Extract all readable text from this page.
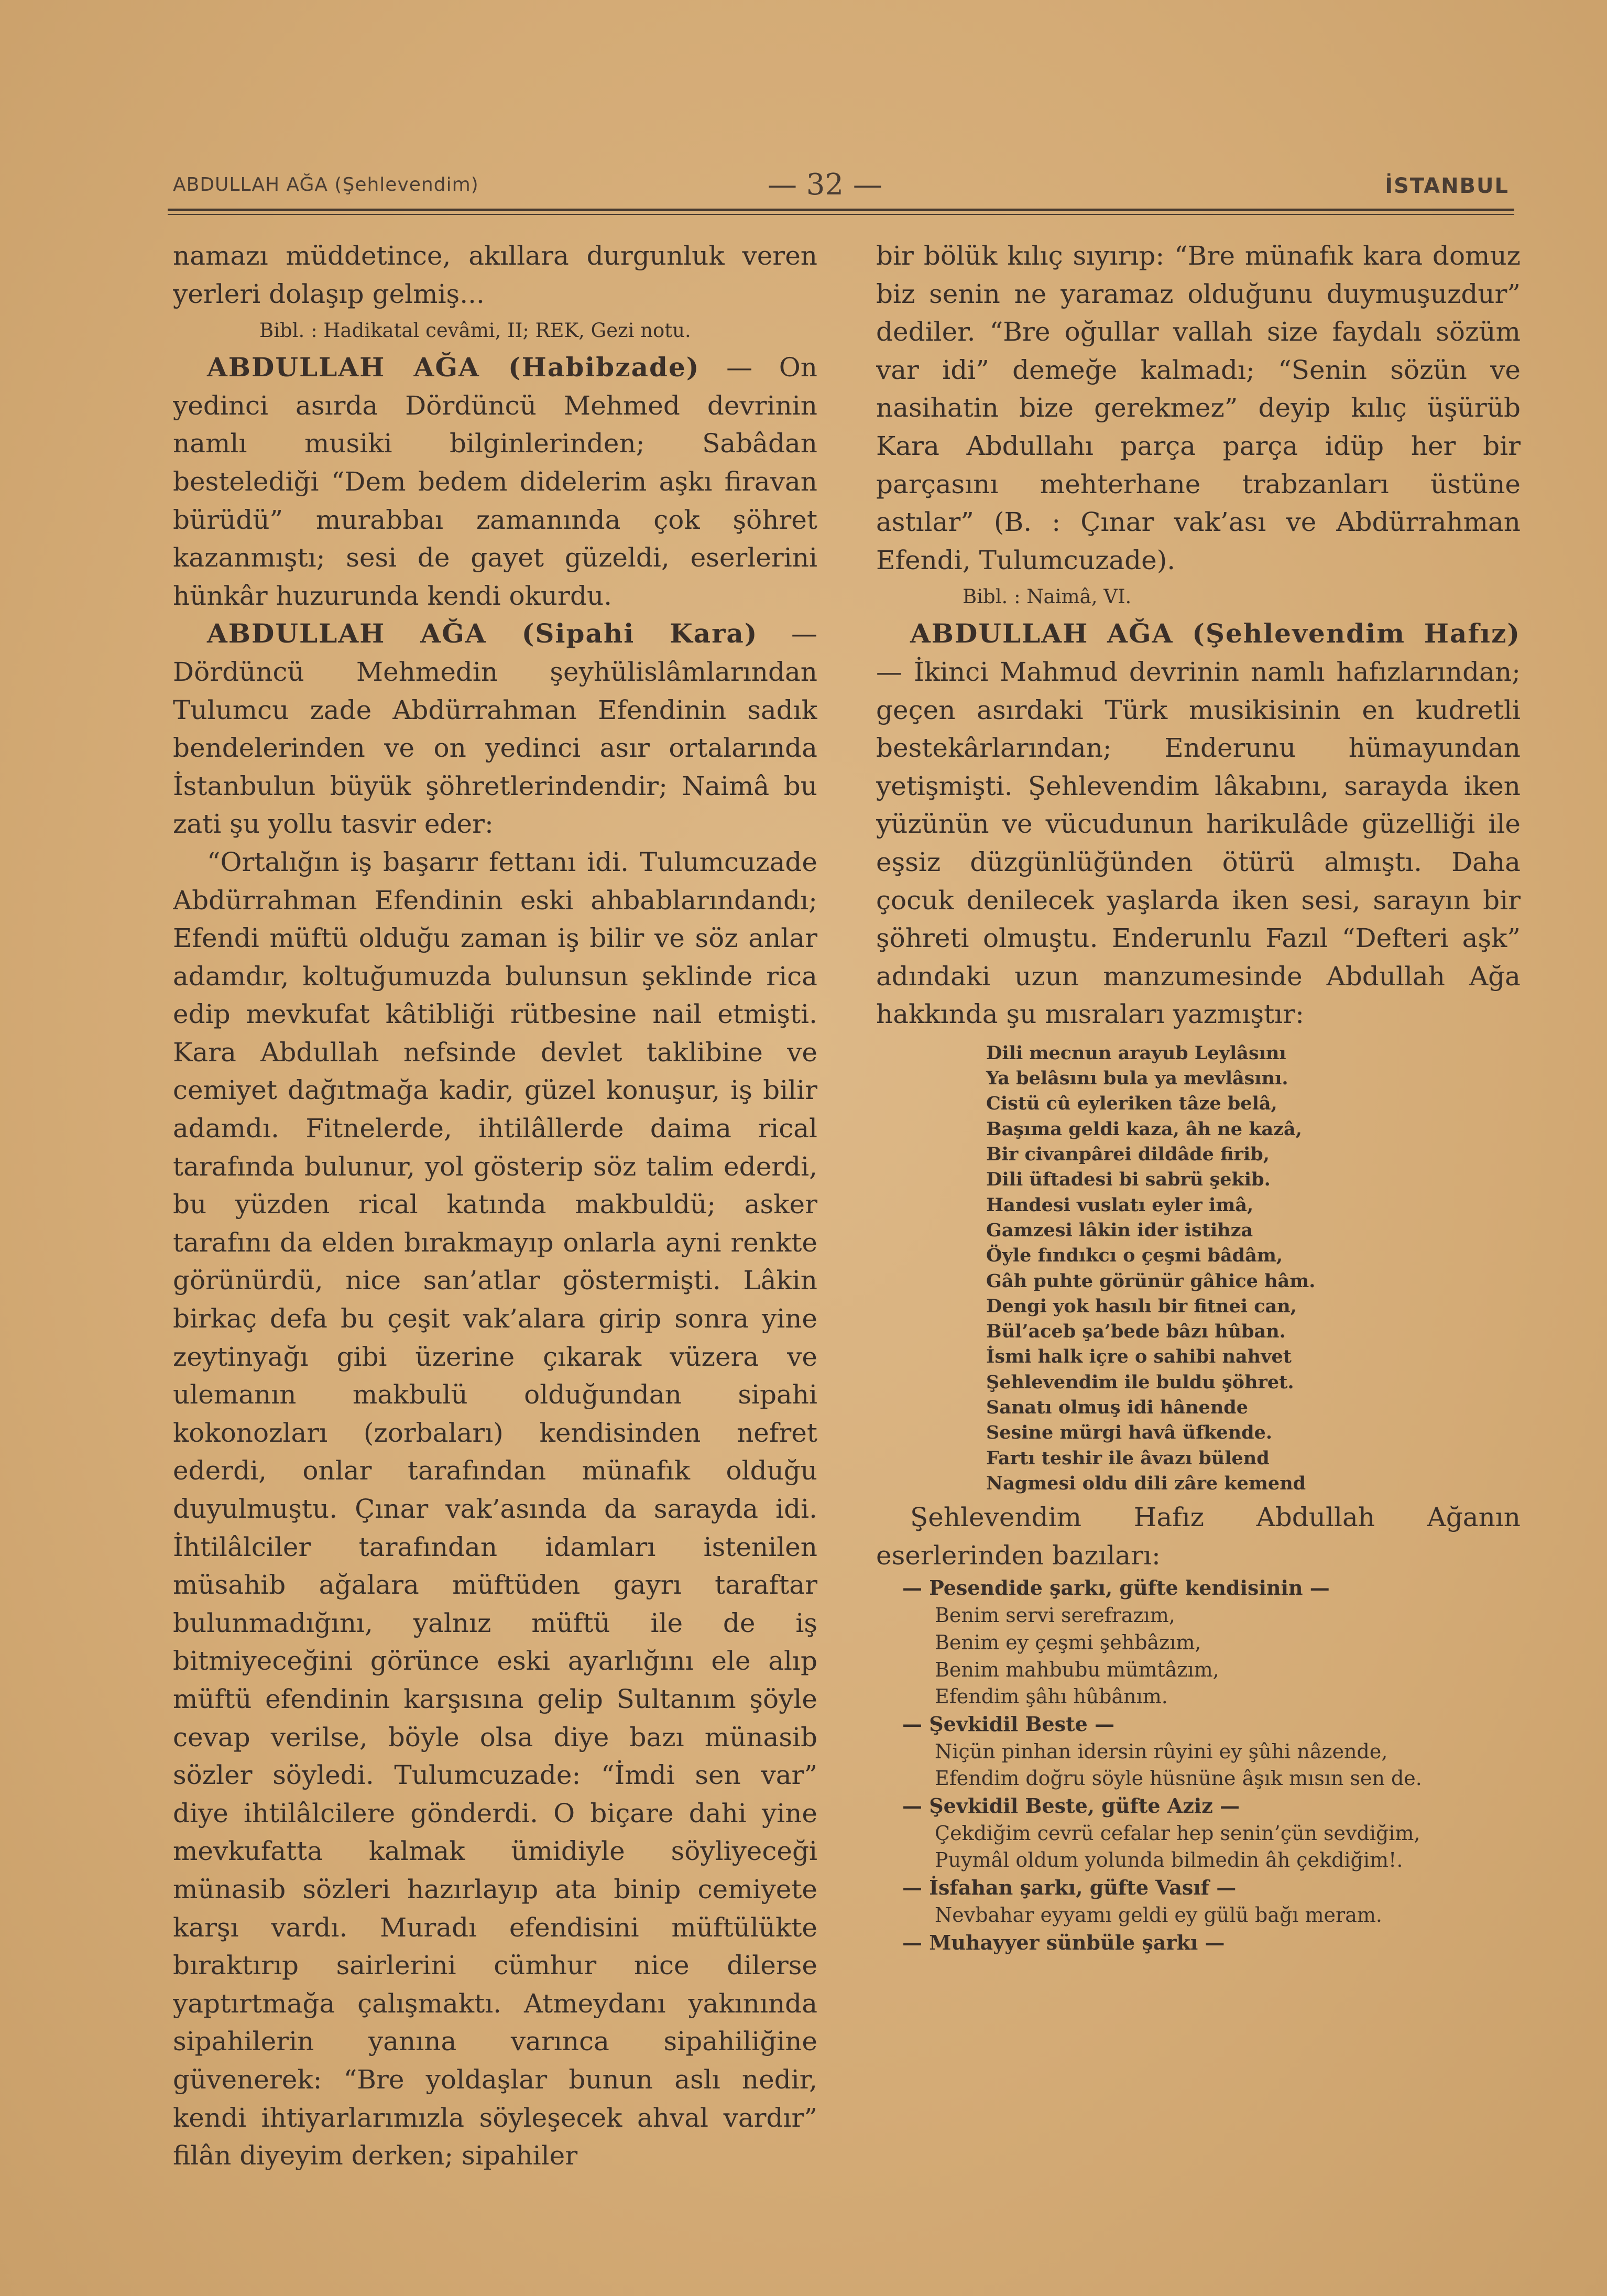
ABDULLAH AĞA (Şehlevendim)	— 32 —	İSTANBUL

namazı müddetince, akıllara durgunluk veren yerleri dolaşıp gelmiş...

Bibl. : Hadikatal cevâmi, II; REK, Gezi notu.

ABDULLAH AĞA (Habibzade) — On yedinci asırda Dördüncü Mehmed devrinin namlı musiki bilginlerinden; Sabâdan bestelediği “Dem bedem didelerim aşkı firavan bürüdü” murabbaı zamanında çok şöhret kazanmıştı; sesi de gayet güzeldi, eserlerini hünkâr huzurunda kendi okurdu.

ABDULLAH AĞA (Sipahi Kara) — Dördüncü Mehmedin şeyhülislâmlarından Tulumcu zade Abdürrahman Efendinin sadık bendelerinden ve on yedinci asır ortalarında İstanbulun büyük şöhretlerindendir; Naimâ bu zati şu yollu tasvir eder:

“Ortalığın iş başarır fettanı idi. Tulumcuzade Abdürrahman Efendinin eski ahbablarındandı; Efendi müftü olduğu zaman iş bilir ve söz anlar adamdır, koltuğumuzda bulunsun şeklinde rica edip mevkufat kâtibliği rütbesine nail etmişti. Kara Abdullah nefsinde devlet taklibine ve cemiyet dağıtmağa kadir, güzel konuşur, iş bilir adamdı. Fitnelerde, ihtilâllerde daima rical tarafında bulunur, yol gösterip söz talim ederdi, bu yüzden rical katında makbuldü; asker tarafını da elden bırakmayıp onlarla ayni renkte görünürdü, nice san’atlar göstermişti. Lâkin birkaç defa bu çeşit vak’alara girip sonra yine zeytinyağı gibi üzerine çıkarak vüzera ve ulemanın makbulü olduğundan sipahi kokonozları (zorbaları) kendisinden nefret ederdi, onlar tarafından münafık olduğu duyulmuştu. Çınar vak’asında da sarayda idi. İhtilâlciler tarafından idamları istenilen müsahib ağalara müftüden gayrı taraftar bulunmadığını, yalnız müftü ile de iş bitmiyeceğini görünce eski ayarlığını ele alıp müftü efendinin karşısına gelip Sultanım şöyle cevap verilse, böyle olsa diye bazı münasib sözler söyledi. Tulumcuzade: “İmdi sen var” diye ihtilâlcilere gönderdi. O biçare dahi yine mevkufatta kalmak ümidiyle söyliyeceği münasib sözleri hazırlayıp ata binip cemiyete karşı vardı. Muradı efendisini müftülükte bıraktırıp sairlerini cümhur nice dilerse yaptırtmağa çalışmaktı. Atmeydanı yakınında sipahilerin yanına varınca sipahiliğine güvenerek: “Bre yoldaşlar bunun aslı nedir, kendi ihtiyarlarımızla söyleşecek ahval vardır” filân diyeyim derken; sipahiler

bir bölük kılıç sıyırıp: “Bre münafık kara domuz biz senin ne yaramaz olduğunu duymuşuzdur” dediler. “Bre oğullar vallah size faydalı sözüm var idi” demeğe kalmadı; “Senin sözün ve nasihatin bize gerekmez” deyip kılıç üşürüb Kara Abdullahı parça parça idüp her bir parçasını mehterhane trabzanları üstüne astılar” (B. : Çınar vak’ası ve Abdürrahman Efendi, Tulumcuzade).

Bibl. : Naimâ, VI.

ABDULLAH AĞA (Şehlevendim Hafız) — İkinci Mahmud devrinin namlı hafızlarından; geçen asırdaki Türk musikisinin en kudretli bestekârlarından; Enderunu hümayundan yetişmişti. Şehlevendim lâkabını, sarayda iken yüzünün ve vücudunun harikulâde güzelliği ile eşsiz düzgünlüğünden ötürü almıştı. Daha çocuk denilecek yaşlarda iken sesi, sarayın bir şöhreti olmuştu. Enderunlu Fazıl “Defteri aşk” adındaki uzun manzumesinde Abdullah Ağa hakkında şu mısraları yazmıştır:

Dili mecnun arayub Leylâsını
Ya belâsını bula ya mevlâsını.
Cistü cû eyleriken tâze belâ,
Başıma geldi kaza, âh ne kazâ,
Bir civanpârei dildâde firib,
Dili üftadesi bi sabrü şekib.
Handesi vuslatı eyler imâ,
Gamzesi lâkin ider istihza
Öyle fındıkcı o çeşmi bâdâm,
Gâh puhte görünür gâhice hâm.
Dengi yok hasılı bir fitnei can,
Bül’aceb şa’bede bâzı hûban.
İsmi halk içre o sahibi nahvet
Şehlevendim ile buldu şöhret.
Sanatı olmuş idi hânende
Sesine mürgi havâ üfkende.
Fartı teshir ile âvazı bülend
Nagmesi oldu dili zâre kemend

Şehlevendim Hafız Abdullah Ağanın eserlerinden bazıları:

— Pesendide şarkı, güfte kendisinin —
Benim servi serefrazım,
Benim ey çeşmi şehbâzım,
Benim mahbubu mümtâzım,
Efendim şâhı hûbânım.
— Şevkidil Beste —
Niçün pinhan idersin rûyini ey şûhi nâzende,
Efendim doğru söyle hüsnüne âşık mısın sen de.
— Şevkidil Beste, güfte Aziz —
Çekdiğim cevrü cefalar hep senin’çün sevdiğim,
Puymâl oldum yolunda bilmedin âh çekdiğim!.
— İsfahan şarkı, güfte Vasıf —
Nevbahar eyyamı geldi ey gülü bağı meram.
— Muhayyer sünbüle şarkı —
